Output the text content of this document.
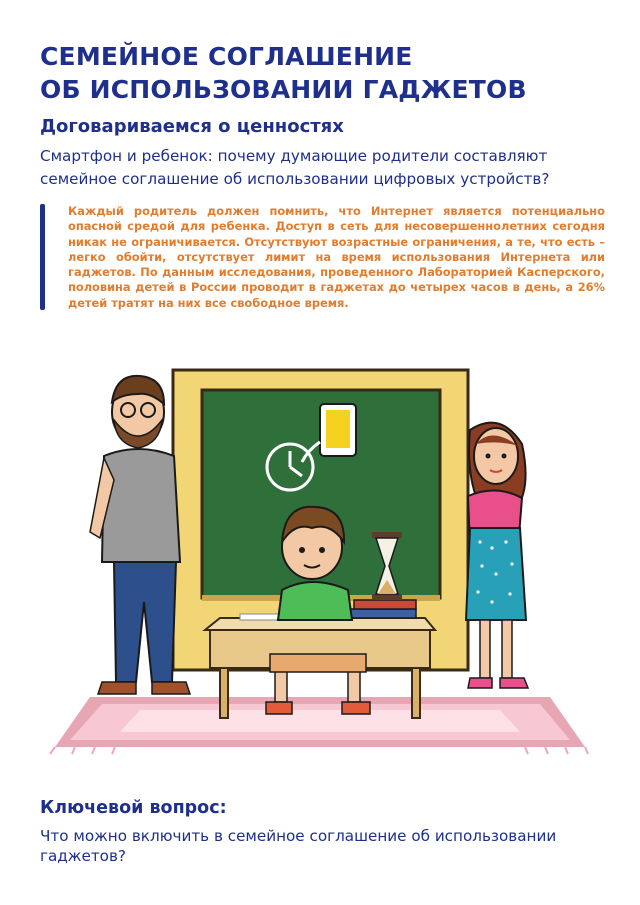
СЕМЕЙНОЕ СОГЛАШЕНИЕ
ОБ ИСПОЛЬЗОВАНИИ ГАДЖЕТОВ
Договариваемся о ценностях

Смартфон и ребенок: почему думающие родители составляют семейное соглашение об использовании цифровых устройств?

Каждый родитель должен помнить, что Интернет является потенциально опасной средой для ребенка. Доступ в сеть для несовершеннолетних сегодня никак не ограничивается. Отсутствуют возрастные ограничения, а те, что есть – легко обойти, отсутствует лимит на время использования Интернета или гаджетов. По данным исследования, проведенного Лабораторией Касперского, половина детей в России проводит в гаджетах до четырех часов в день, а 26% детей тратят на них все свободное время.

Ключевой вопрос:

Что можно включить в семейное соглашение об использовании гаджетов?
